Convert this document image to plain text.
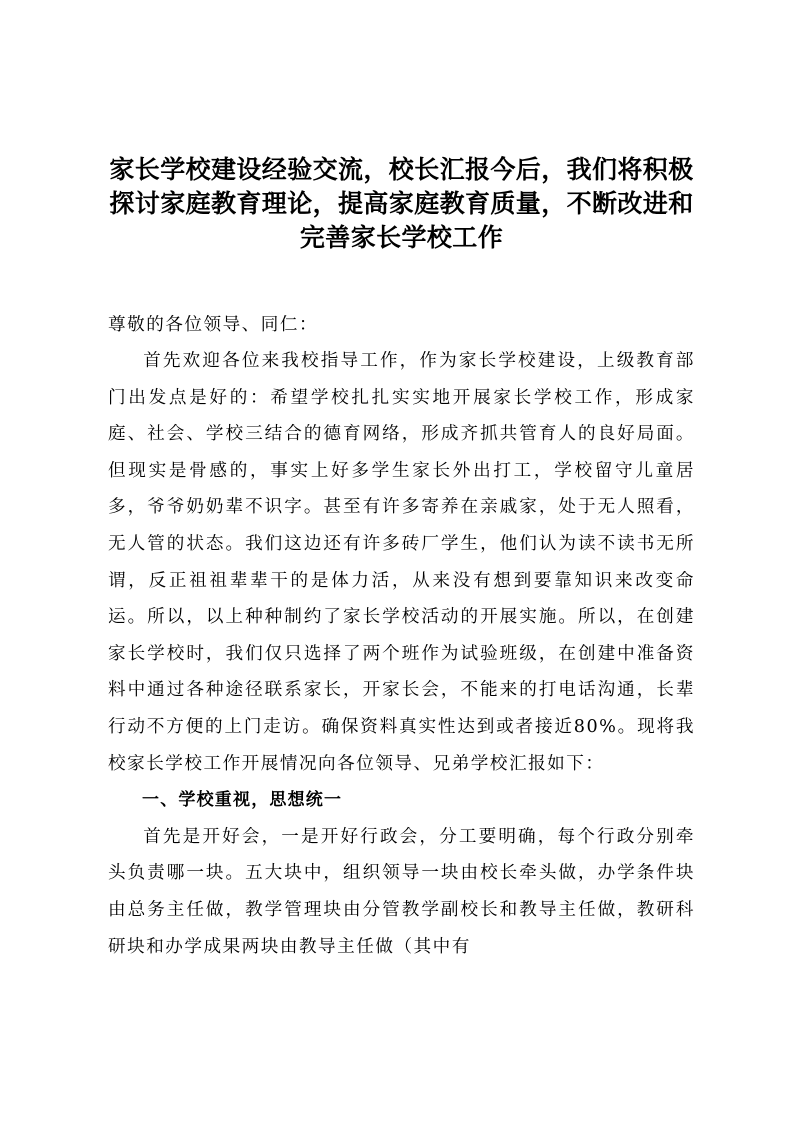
家长学校建设经验交流，校长汇报今后，我们将积极探讨家庭教育理论，提高家庭教育质量，不断改进和完善家长学校工作
尊敬的各位领导、同仁：

首先欢迎各位来我校指导工作，作为家长学校建设，上级教育部门出发点是好的：希望学校扎扎实实地开展家长学校工作，形成家庭、社会、学校三结合的德育网络，形成齐抓共管育人的良好局面。但现实是骨感的，事实上好多学生家长外出打工，学校留守儿童居多，爷爷奶奶辈不识字。甚至有许多寄养在亲戚家，处于无人照看，无人管的状态。我们这边还有许多砖厂学生，他们认为读不读书无所谓，反正祖祖辈辈干的是体力活，从来没有想到要靠知识来改变命运。所以，以上种种制约了家长学校活动的开展实施。所以，在创建家长学校时，我们仅只选择了两个班作为试验班级，在创建中准备资料中通过各种途径联系家长，开家长会，不能来的打电话沟通，长辈行动不方便的上门走访。确保资料真实性达到或者接近80%。现将我校家长学校工作开展情况向各位领导、兄弟学校汇报如下：

一、学校重视，思想统一

首先是开好会，一是开好行政会，分工要明确，每个行政分别牵头负责哪一块。五大块中，组织领导一块由校长牵头做，办学条件块由总务主任做，教学管理块由分管教学副校长和教导主任做，教研科研块和办学成果两块由教导主任做（其中有
